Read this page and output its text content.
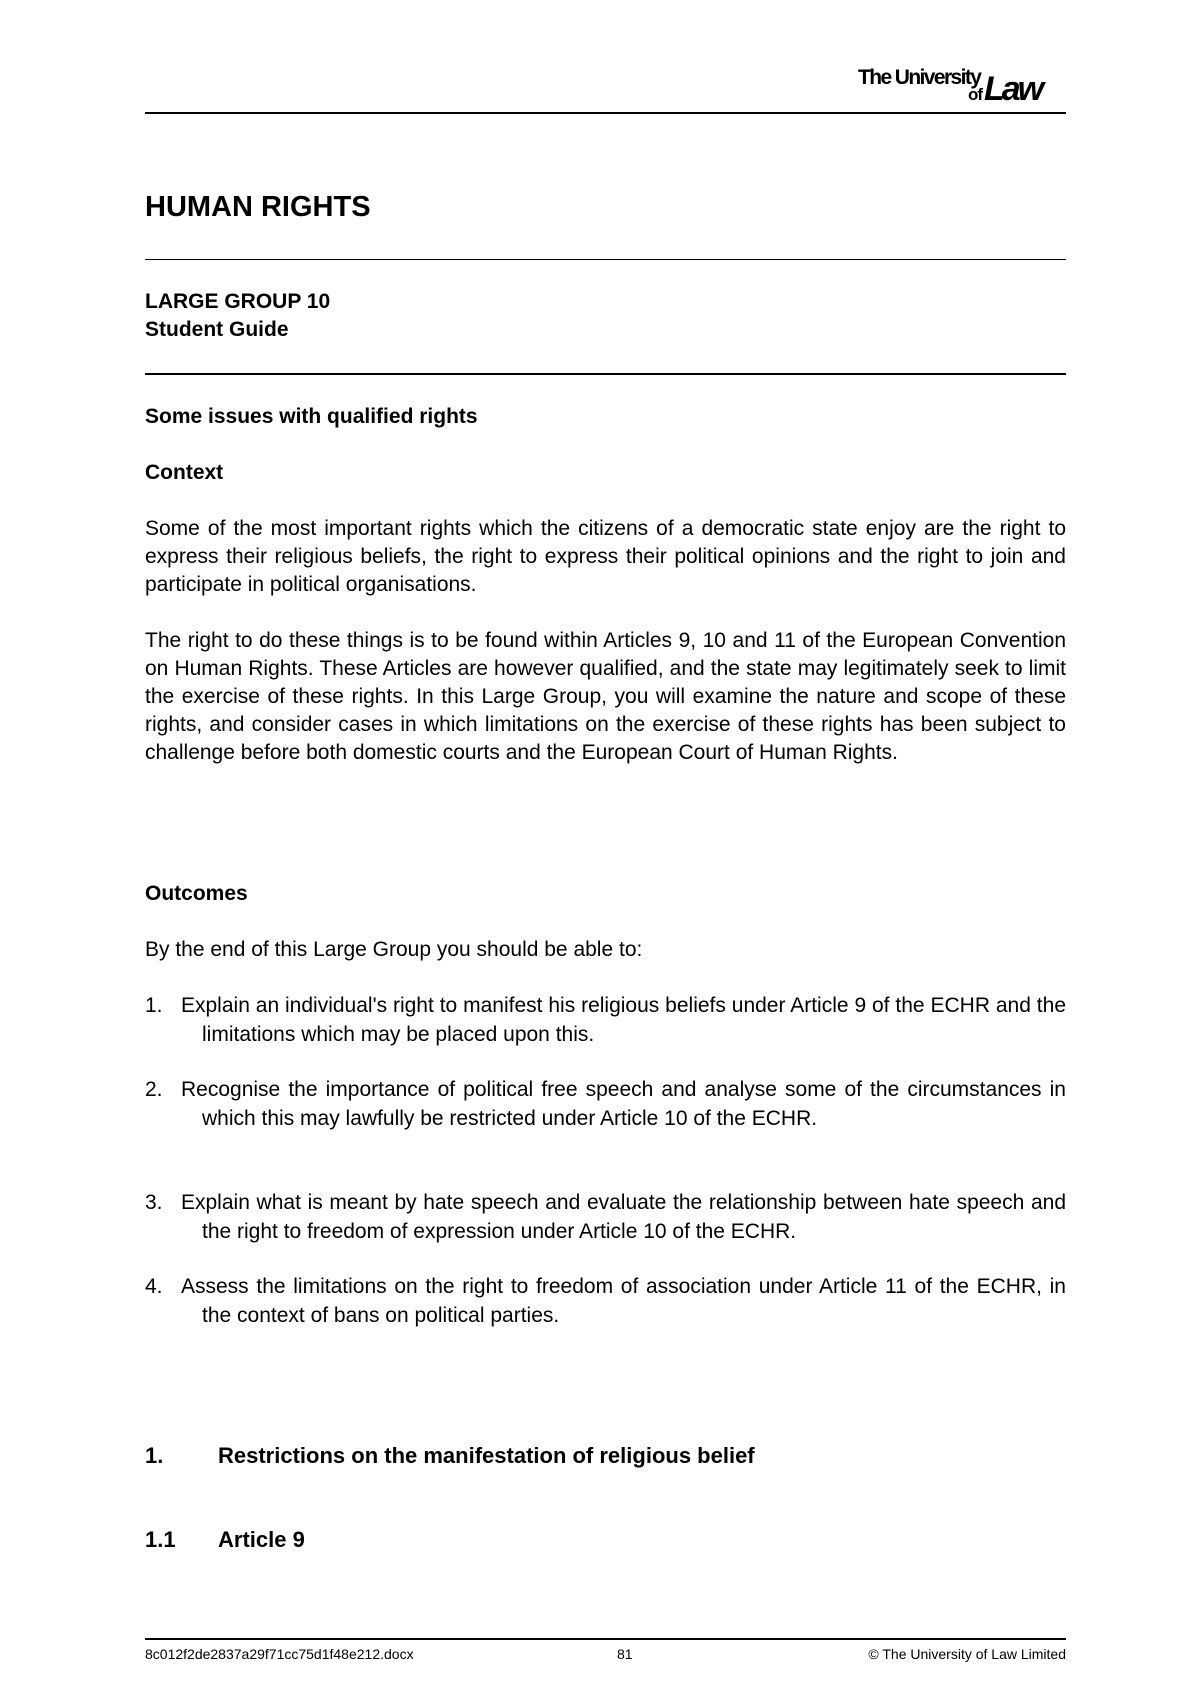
The University
of Law
HUMAN RIGHTS
LARGE GROUP 10
Student Guide
Some issues with qualified rights
Context
Some of the most important rights which the citizens of a democratic state enjoy are the right to express their religious beliefs, the right to express their political opinions and the right to join and participate in political organisations.
The right to do these things is to be found within Articles 9, 10 and 11 of the European Convention on Human Rights. These Articles are however qualified, and the state may legitimately seek to limit the exercise of these rights. In this Large Group, you will examine the nature and scope of these rights, and consider cases in which limitations on the exercise of these rights has been subject to challenge before both domestic courts and the European Court of Human Rights.
Outcomes
By the end of this Large Group you should be able to:
1. Explain an individual's right to manifest his religious beliefs under Article 9 of the ECHR and the limitations which may be placed upon this.

2. Recognise the importance of political free speech and analyse some of the circumstances in which this may lawfully be restricted under Article 10 of the ECHR.

3. Explain what is meant by hate speech and evaluate the relationship between hate speech and the right to freedom of expression under Article 10 of the ECHR.

4. Assess the limitations on the right to freedom of association under Article 11 of the ECHR, in the context of bans on political parties.

1. Restrictions on the manifestation of religious belief
1.1 Article 9
8c012f2de2837a29f71cc75d1f48e212.docx	81	© The University of Law Limited
